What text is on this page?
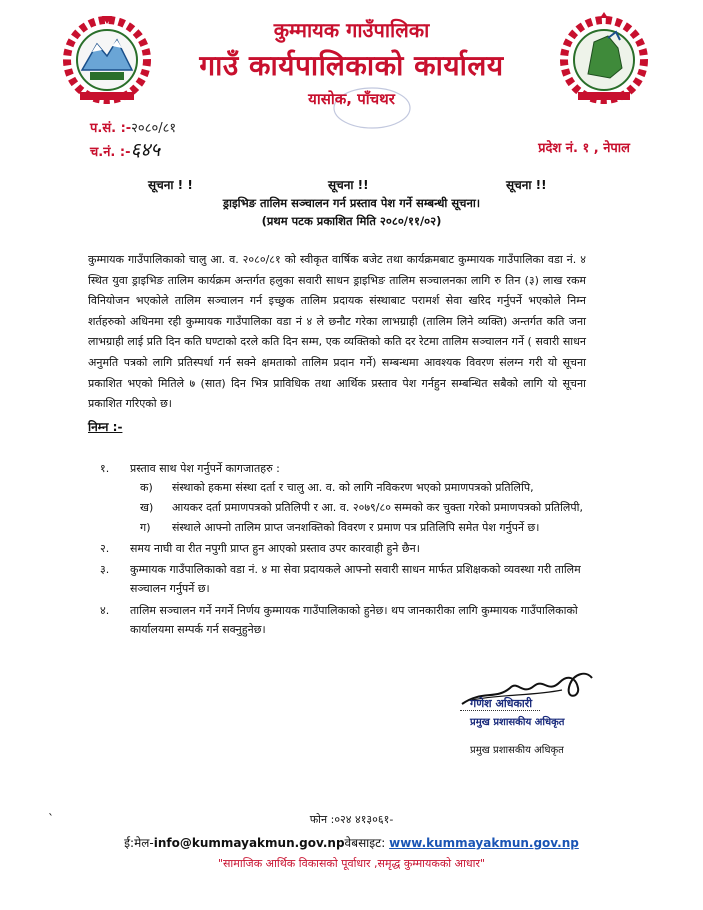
कुम्मायक गाउँपालिका
गाउँ कार्यपालिकाको कार्यालय
यासोक, पाँचथर
प.सं. :-२०८०/८१
च.नं. :-६४५	प्रदेश नं. १ , नेपाल
सूचना ! !	सूचना !!	सूचना !!
ड्राइभिङ तालिम सञ्चालन गर्न प्रस्ताव पेश गर्ने सम्बन्धी सूचना।
(प्रथम पटक प्रकाशित मिति २०८०/११/०२)
कुम्मायक गाउँपालिकाको चालु आ. व. २०८०/८१ को स्वीकृत वार्षिक बजेट तथा कार्यक्रमबाट कुम्मायक गाउँपालिका वडा नं. ४ स्थित युवा ड्राइभिङ तालिम कार्यक्रम अन्तर्गत हलुका सवारी साधन ड्राइभिङ तालिम सञ्चालनका लागि रु तिन (३) लाख रकम विनियोजन भएकोले तालिम सञ्चालन गर्न इच्छुक तालिम प्रदायक संस्थाबाट परामर्श सेवा खरिद गर्नुपर्ने भएकोले निम्न शर्तहरुको अधिनमा रही कुम्मायक गाउँपालिका वडा नं ४ ले छनौट गरेका लाभग्राही (तालिम लिने व्यक्ति) अन्तर्गत कति जना लाभग्राही लाई प्रति दिन कति घण्टाको दरले कति दिन सम्म, एक व्यक्तिको कति दर रेटमा तालिम सञ्चालन गर्ने ( सवारी साधन अनुमति पत्रको लागि प्रतिस्पर्धा गर्न सक्ने क्षमताको तालिम प्रदान गर्ने) सम्बन्धमा आवश्यक विवरण संलग्न गरी यो सूचना प्रकाशित भएको मितिले ७ (सात) दिन भित्र प्राविधिक तथा आर्थिक प्रस्ताव पेश गर्नहुन सम्बन्धित सबैको लागि यो सूचना प्रकाशित गरिएको छ।
निम्न :-
१. प्रस्ताव साथ पेश गर्नुपर्ने कागजातहरु :
क) संस्थाको हकमा संस्था दर्ता र चालु आ. व. को लागि नविकरण भएको प्रमाणपत्रको प्रतिलिपि,
ख) आयकर दर्ता प्रमाणपत्रको प्रतिलिपी र आ. व. २०७९/८० सम्मको कर चुक्ता गरेको प्रमाणपत्रको प्रतिलिपी,
ग) संस्थाले आफ्नो तालिम प्राप्त जनशक्तिको विवरण र प्रमाण पत्र प्रतिलिपि समेत पेश गर्नुपर्ने छ।
२. समय नाघी वा रीत नपुगी प्राप्त हुन आएको प्रस्ताव उपर कारवाही हुने छैन।
३. कुम्मायक गाउँपालिकाको वडा नं. ४ मा सेवा प्रदायकले आफ्नो सवारी साधन मार्फत प्रशिक्षकको व्यवस्था गरी तालिम सञ्चालन गर्नुपर्ने छ।
४. तालिम सञ्चालन गर्ने नगर्ने निर्णय कुम्मायक गाउँपालिकाको हुनेछ। थप जानकारीका लागि कुम्मायक गाउँपालिकाको कार्यालयमा सम्पर्क गर्न सक्नुहुनेछ।
गणेश अधिकारी
प्रमुख प्रशासकीय अधिकृत
प्रमुख प्रशासकीय अधिकृत
`	फोन :०२४ ४१३०६१-
ई:मेल-info@kummayakmun.gov.npवेबसाइट: www.kummayakmun.gov.np
"सामाजिक आर्थिक विकासको पूर्वाधार ,समृद्ध कुम्मायकको आधार"
